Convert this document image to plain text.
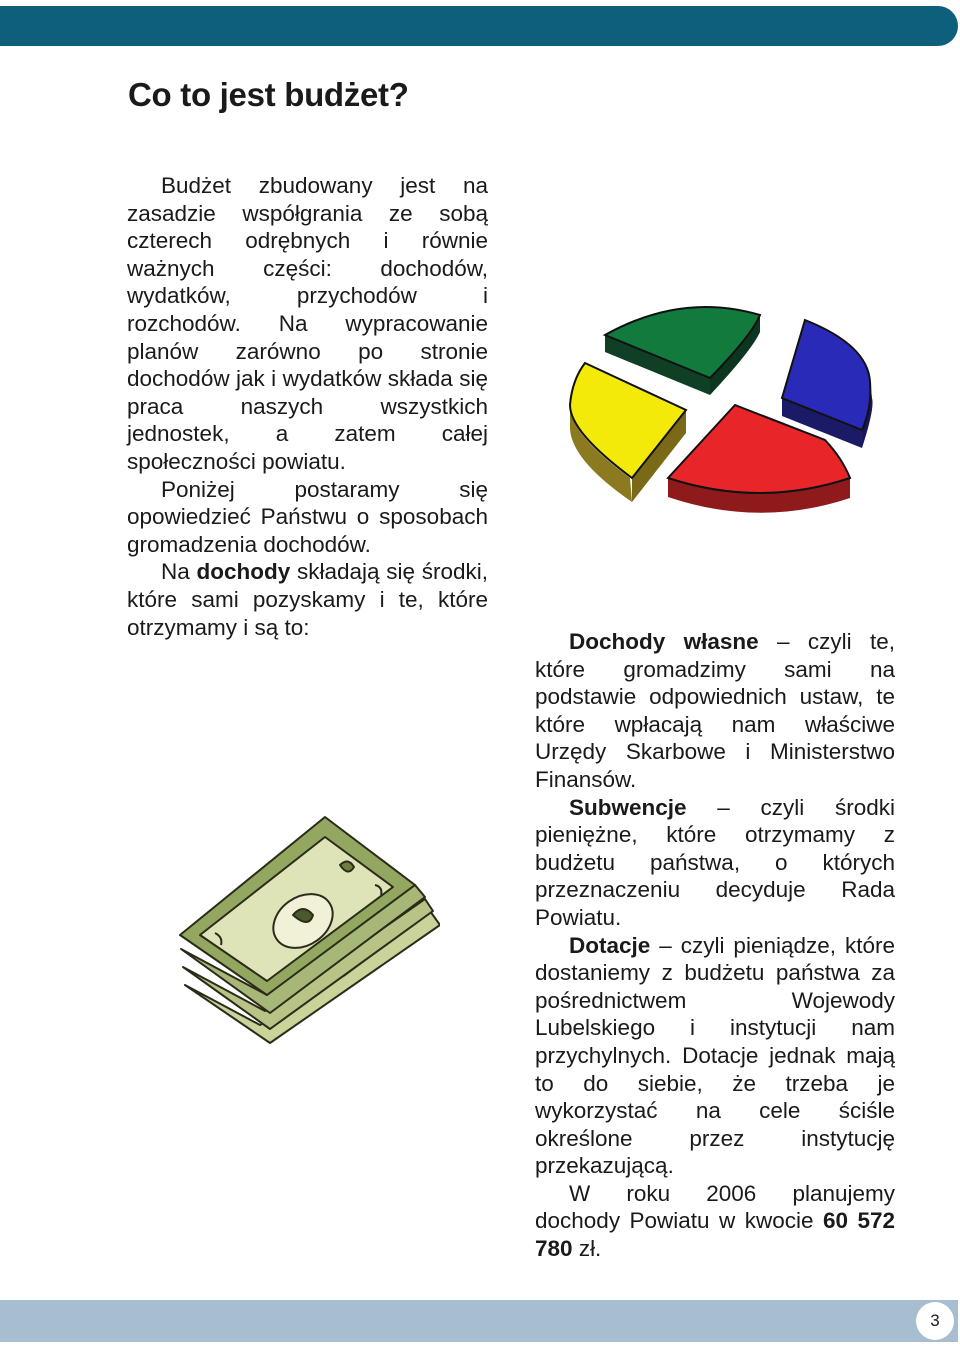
Co to jest budżet?

Budżet zbudowany jest na zasadzie współgrania ze sobą czterech odrębnych i równie ważnych części: dochodów, wydatków, przychodów i rozchodów. Na wypracowanie planów zarówno po stronie dochodów jak i wydatków składa się praca naszych wszystkich jednostek, a zatem całej społeczności powiatu.

Poniżej postaramy się opowiedzieć Państwu o sposobach gromadzenia dochodów.

Na dochody składają się środki, które sami pozyskamy i te, które otrzymamy i są to:

Dochody własne – czyli te, które gromadzimy sami na podstawie odpowiednich ustaw, te które wpłacają nam właściwe Urzędy Skarbowe i Ministerstwo Finansów.

Subwencje – czyli środki pieniężne, które otrzymamy z budżetu państwa, o których przeznaczeniu decyduje Rada Powiatu.

Dotacje – czyli pieniądze, które dostaniemy z budżetu państwa za pośrednictwem Wojewody Lubelskiego i instytucji nam przychylnych. Dotacje jednak mają to do siebie, że trzeba je wykorzystać na cele ściśle określone przez instytucję przekazującą.

W roku 2006 planujemy dochody Powiatu w kwocie 60 572 780 zł.

3
